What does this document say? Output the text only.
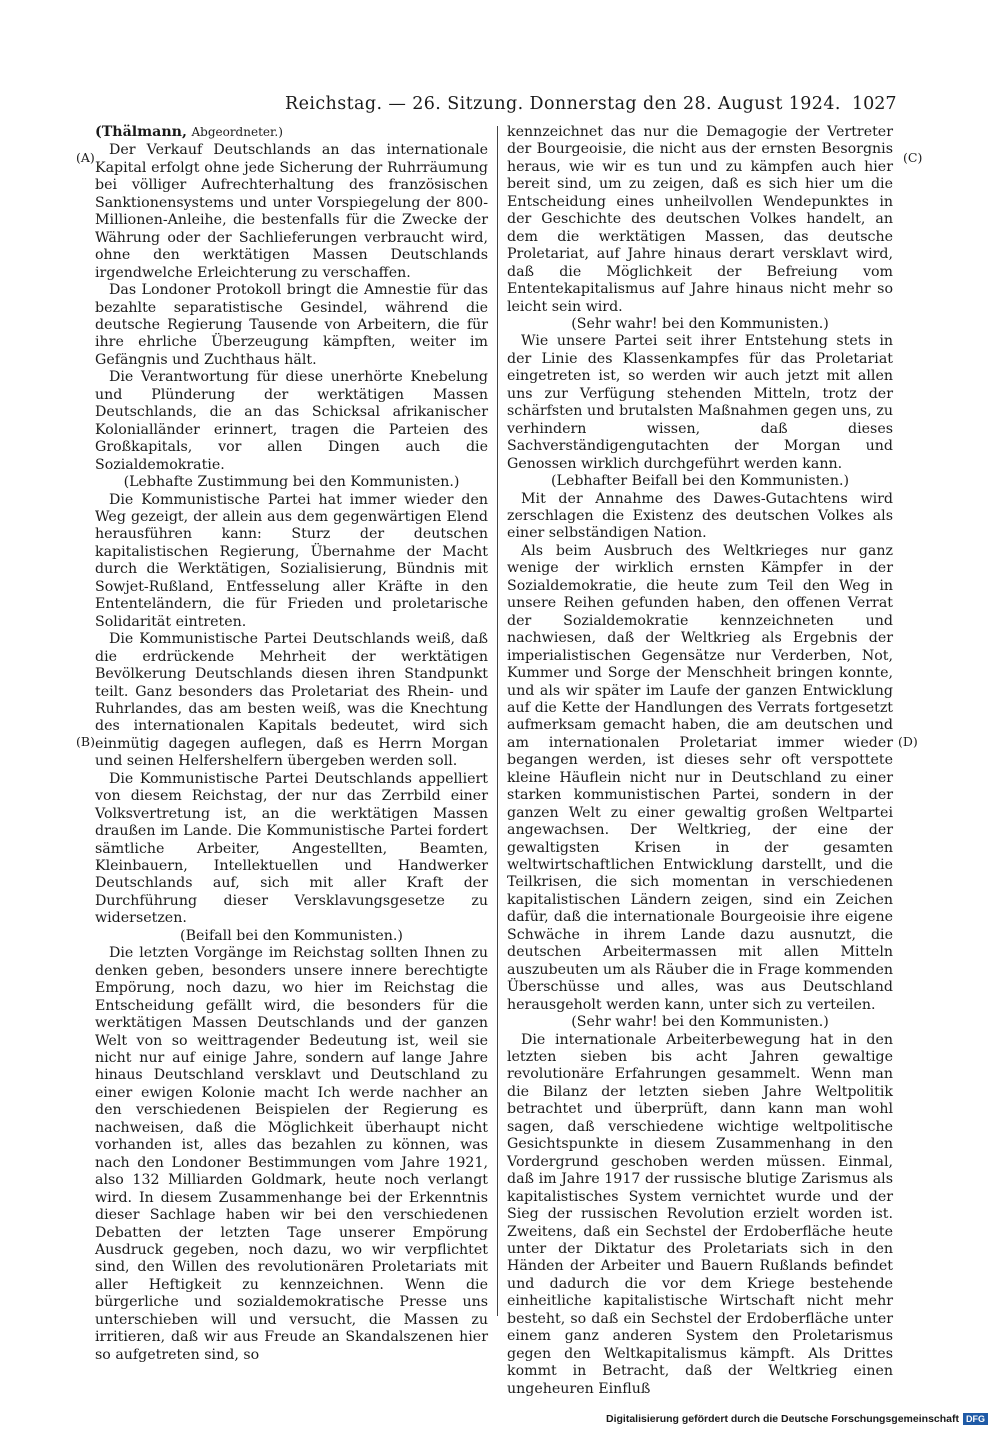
Reichstag. — 26. Sitzung. Donnerstag den 28. August 1924. 1027
(A)
(B)
(C)
(D)

(Thälmann, Abgeordneter.)

Der Verkauf Deutschlands an das internationale Kapital erfolgt ohne jede Sicherung der Ruhrräumung bei völliger Aufrechterhaltung des französischen Sanktionensystems und unter Vorspiegelung der 800-Millionen-Anleihe, die bestenfalls für die Zwecke der Währung oder der Sachlieferungen verbraucht wird, ohne den werktätigen Massen Deutschlands irgendwelche Erleichterung zu verschaffen.

Das Londoner Protokoll bringt die Amnestie für das bezahlte separatistische Gesindel, während die deutsche Regierung Tausende von Arbeitern, die für ihre ehrliche Überzeugung kämpften, weiter im Gefängnis und Zuchthaus hält.

Die Verantwortung für diese unerhörte Knebelung und Plünderung der werktätigen Massen Deutschlands, die an das Schicksal afrikanischer Kolonialländer erinnert, tragen die Parteien des Großkapitals, vor allen Dingen auch die Sozialdemokratie.

(Lebhafte Zustimmung bei den Kommunisten.)

Die Kommunistische Partei hat immer wieder den Weg gezeigt, der allein aus dem gegenwärtigen Elend herausführen kann: Sturz der deutschen kapitalistischen Regierung, Übernahme der Macht durch die Werktätigen, Sozialisierung, Bündnis mit Sowjet-Rußland, Entfesselung aller Kräfte in den Ententeländern, die für Frieden und proletarische Solidarität eintreten.

Die Kommunistische Partei Deutschlands weiß, daß die erdrückende Mehrheit der werktätigen Bevölkerung Deutschlands diesen ihren Standpunkt teilt. Ganz besonders das Proletariat des Rhein- und Ruhrlandes, das am besten weiß, was die Knechtung des internationalen Kapitals bedeutet, wird sich einmütig dagegen auflegen, daß es Herrn Morgan und seinen Helfershelfern übergeben werden soll.

Die Kommunistische Partei Deutschlands appelliert von diesem Reichstag, der nur das Zerrbild einer Volksvertretung ist, an die werktätigen Massen draußen im Lande. Die Kommunistische Partei fordert sämtliche Arbeiter, Angestellten, Beamten, Kleinbauern, Intellektuellen und Handwerker Deutschlands auf, sich mit aller Kraft der Durchführung dieser Versklavungsgesetze zu widersetzen.

(Beifall bei den Kommunisten.)

Die letzten Vorgänge im Reichstag sollten Ihnen zu denken geben, besonders unsere innere berechtigte Empörung, noch dazu, wo hier im Reichstag die Entscheidung gefällt wird, die besonders für die werktätigen Massen Deutschlands und der ganzen Welt von so weittragender Bedeutung ist, weil sie nicht nur auf einige Jahre, sondern auf lange Jahre hinaus Deutschland versklavt und Deutschland zu einer ewigen Kolonie macht Ich werde nachher an den verschiedenen Beispielen der Regierung es nachweisen, daß die Möglichkeit überhaupt nicht vorhanden ist, alles das bezahlen zu können, was nach den Londoner Bestimmungen vom Jahre 1921, also 132 Milliarden Goldmark, heute noch verlangt wird. In diesem Zusammenhange bei der Erkenntnis dieser Sachlage haben wir bei den verschiedenen Debatten der letzten Tage unserer Empörung Ausdruck gegeben, noch dazu, wo wir verpflichtet sind, den Willen des revolutionären Proletariats mit aller Heftigkeit zu kennzeichnen. Wenn die bürgerliche und sozialdemokratische Presse uns unterschieben will und versucht, die Massen zu irritieren, daß wir aus Freude an Skandalszenen hier so aufgetreten sind, so

kennzeichnet das nur die Demagogie der Vertreter der Bourgeoisie, die nicht aus der ernsten Besorgnis heraus, wie wir es tun und zu kämpfen auch hier bereit sind, um zu zeigen, daß es sich hier um die Entscheidung eines unheilvollen Wendepunktes in der Geschichte des deutschen Volkes handelt, an dem die werktätigen Massen, das deutsche Proletariat, auf Jahre hinaus derart versklavt wird, daß die Möglichkeit der Befreiung vom Ententekapitalismus auf Jahre hinaus nicht mehr so leicht sein wird.

(Sehr wahr! bei den Kommunisten.)

Wie unsere Partei seit ihrer Entstehung stets in der Linie des Klassenkampfes für das Proletariat eingetreten ist, so werden wir auch jetzt mit allen uns zur Verfügung stehenden Mitteln, trotz der schärfsten und brutalsten Maßnahmen gegen uns, zu verhindern wissen, daß dieses Sachverständigengutachten der Morgan und Genossen wirklich durchgeführt werden kann.

(Lebhafter Beifall bei den Kommunisten.)

Mit der Annahme des Dawes-Gutachtens wird zerschlagen die Existenz des deutschen Volkes als einer selbständigen Nation.

Als beim Ausbruch des Weltkrieges nur ganz wenige der wirklich ernsten Kämpfer in der Sozialdemokratie, die heute zum Teil den Weg in unsere Reihen gefunden haben, den offenen Verrat der Sozialdemokratie kennzeichneten und nachwiesen, daß der Weltkrieg als Ergebnis der imperialistischen Gegensätze nur Verderben, Not, Kummer und Sorge der Menschheit bringen konnte, und als wir später im Laufe der ganzen Entwicklung auf die Kette der Handlungen des Verrats fortgesetzt aufmerksam gemacht haben, die am deutschen und am internationalen Proletariat immer wieder begangen werden, ist dieses sehr oft verspottete kleine Häuflein nicht nur in Deutschland zu einer starken kommunistischen Partei, sondern in der ganzen Welt zu einer gewaltig großen Weltpartei angewachsen. Der Weltkrieg, der eine der gewaltigsten Krisen in der gesamten weltwirtschaftlichen Entwicklung darstellt, und die Teilkrisen, die sich momentan in verschiedenen kapitalistischen Ländern zeigen, sind ein Zeichen dafür, daß die internationale Bourgeoisie ihre eigene Schwäche in ihrem Lande dazu ausnutzt, die deutschen Arbeitermassen mit allen Mitteln auszubeuten um als Räuber die in Frage kommenden Überschüsse und alles, was aus Deutschland herausgeholt werden kann, unter sich zu verteilen.

(Sehr wahr! bei den Kommunisten.)

Die internationale Arbeiterbewegung hat in den letzten sieben bis acht Jahren gewaltige revolutionäre Erfahrungen gesammelt. Wenn man die Bilanz der letzten sieben Jahre Weltpolitik betrachtet und überprüft, dann kann man wohl sagen, daß verschiedene wichtige weltpolitische Gesichtspunkte in diesem Zusammenhang in den Vordergrund geschoben werden müssen. Einmal, daß im Jahre 1917 der russische blutige Zarismus als kapitalistisches System vernichtet wurde und der Sieg der russischen Revolution erzielt worden ist. Zweitens, daß ein Sechstel der Erdoberfläche heute unter der Diktatur des Proletariats sich in den Händen der Arbeiter und Bauern Rußlands befindet und dadurch die vor dem Kriege bestehende einheitliche kapitalistische Wirtschaft nicht mehr besteht, so daß ein Sechstel der Erdoberfläche unter einem ganz anderen System den Proletarismus gegen den Weltkapitalismus kämpft. Als Drittes kommt in Betracht, daß der Weltkrieg einen ungeheuren Einfluß

Digitalisierung gefördert durch die Deutsche Forschungsgemeinschaft DFG
